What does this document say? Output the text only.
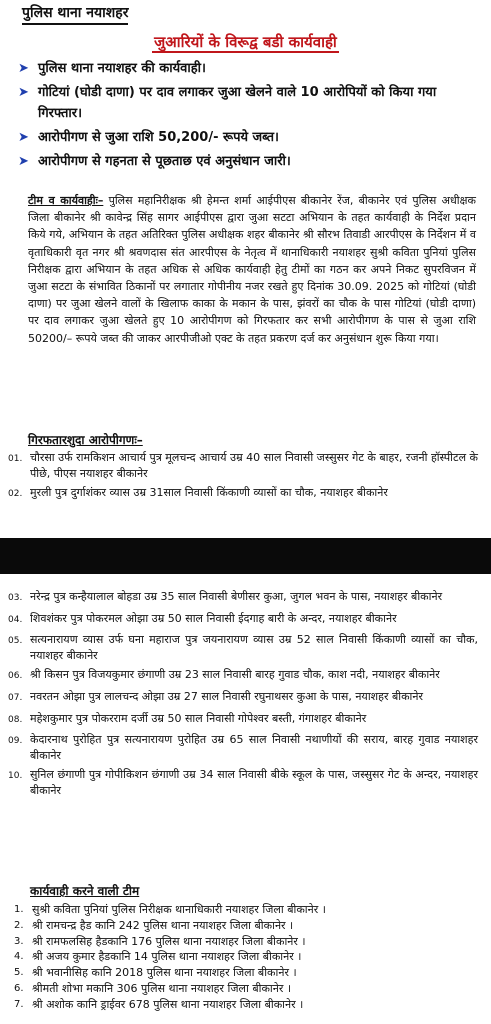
पुलिस थाना नयाशहर
जुआरियों के विरूद्व बडी कार्यवाही
➤ पुलिस थाना नयाशहर की कार्यवाही।
➤ गोटियां (घोडी दाणा) पर दाव लगाकर जुआ खेलने वाले 10 आरोपियों को किया गया गिरफ्तार।
➤ आरोपीगण से जुआ राशि 50,200/- रूपये जब्त।
➤ आरोपीगण से गहनता से पूछताछ एवं अनुसंधान जारी।
टीम व कार्यवाहीः– पुलिस महानिरीक्षक श्री हेमन्त शर्मा आईपीएस बीकानेर रेंज, बीकानेर एवं पुलिस अधीक्षक जिला बीकानेर श्री कावेन्द्र सिंह सागर आईपीएस द्वारा जुआ सटटा अभियान के तहत कार्यवाही के निर्देश प्रदान किये गये, अभियान के तहत अतिरिक्त पुलिस अधीक्षक शहर बीकानेर श्री सौरभ तिवाडी आरपीएस के निर्देशन में व वृताधिकारी वृत नगर श्री श्रवणदास संत आरपीएस के नेतृत्व में थानाधिकारी नयाशहर सुश्री कविता पुनियां पुलिस निरीक्षक द्वारा अभियान के तहत अधिक से अधिक कार्यवाही हेतु टीमों का गठन कर अपने निकट सुपरविजन में जुआ सटटा के संभावित ठिकानों पर लगातार गोपीनीय नजर रखते हुए दिनांक 30.09. 2025 को गोटियां (घोडी दाणा) पर जुआ खेलने वालों के खिलाफ काका के मकान के पास, झंवरों का चौक के पास गोटियां (घोडी दाणा) पर दाव लगाकर जुआ खेलते हुए 10 आरोपीगण को गिरफतार कर सभी आरोपीगण के पास से जुआ राशि 50200/– रूपये जब्त की जाकर आरपीजीओ एक्ट के तहत प्रकरण दर्ज कर अनुसंधान शुरू किया गया।
गिरफतारशुदा आरोपीगणः–
01. चौरसा उर्फ रामकिशन आचार्य पुत्र मूलचन्द आचार्य उम्र 40 साल निवासी जस्सुसर गेट के बाहर, रजनी हॉस्पीटल के पीछे, पीएस नयाशहर बीकानेर
02. मुरली पुत्र दुर्गाशंकर व्यास उम्र 31साल निवासी किंकाणी व्यासों का चौक, नयाशहर बीकानेर
03. नरेन्द्र पुत्र कन्हैयालाल बोहडा उम्र 35 साल निवासी बेणीसर कुआ, जुगल भवन के पास, नयाशहर बीकानेर
04. शिवशंकर पुत्र पोकरमल ओझा उम्र 50 साल निवासी ईदगाह बारी के अन्दर, नयाशहर बीकानेर
05. सत्यनारायण व्यास उर्फ घना महाराज पुत्र जयनारायण व्यास उम्र 52 साल निवासी किंकाणी व्यासों का चौक, नयाशहर बीकानेर
06. श्री किसन पुत्र विजयकुमार छंगाणी उम्र 23 साल निवासी बारह गुवाड चौक, काश नदी, नयाशहर बीकानेर
07. नवरतन ओझा पुत्र लालचन्द ओझा उम्र 27 साल निवासी रघुनाथसर कुआ के पास, नयाशहर बीकानेर
08. महेशकुमार पुत्र पोकरराम दर्जी उम्र 50 साल निवासी गोपेश्वर बस्ती, गंगाशहर बीकानेर
09. केदारनाथ पुरोहित पुत्र सत्यनारायण पुरोहित उम्र 65 साल निवासी नथाणीयों की सराय, बारह गुवाड नयाशहर बीकानेर
10. सुनिल छंगाणी पुत्र गोपीकिशन छंगाणी उम्र 34 साल निवासी बीके स्कूल के पास, जस्सुसर गेट के अन्दर, नयाशहर बीकानेर
कार्यवाही करने वाली टीम
1. सुश्री कविता पुनियां पुलिस निरीक्षक थानाधिकारी नयाशहर जिला बीकानेर ।
2. श्री रामचन्द्र हैड कानि 242 पुलिस थाना नयाशहर जिला बीकानेर ।
3. श्री रामफलसिह हैडकानि 176 पुलिस थाना नयाशहर जिला बीकानेर ।
4. श्री अजय कुमार हैडकानि 14 पुलिस थाना नयाशहर जिला बीकानेर ।
5. श्री भवानीसिह कानि 2018 पुलिस थाना नयाशहर जिला बीकानेर ।
6. श्रीमती शोभा मकानि 306 पुलिस थाना नयाशहर जिला बीकानेर ।
7. श्री अशोक कानि ड्राईवर 678 पुलिस थाना नयाशहर जिला बीकानेर ।
